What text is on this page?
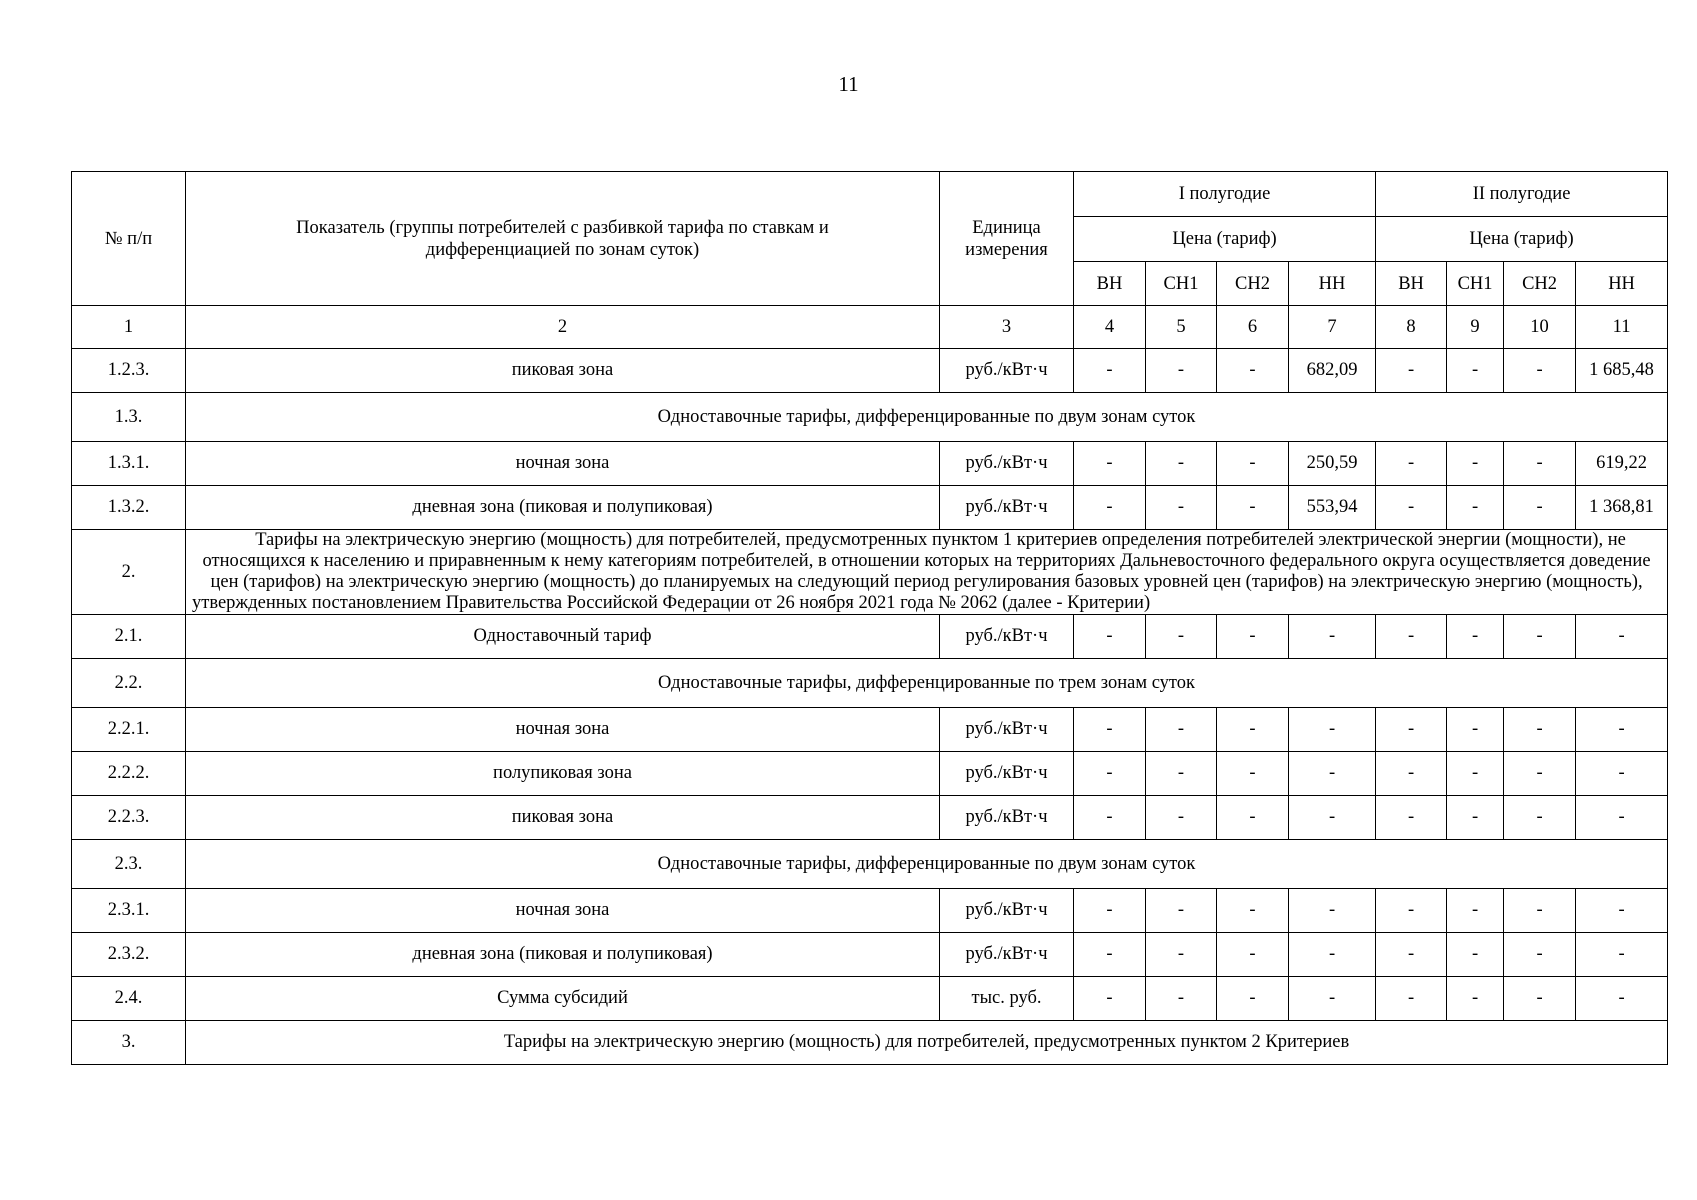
11
№ п/п	Показатель (группы потребителей с разбивкой тарифа по ставкам и дифференциацией по зонам суток)	Единица измерения	I полугодие				II полугодие			
			Цена (тариф)				Цена (тариф)			
			ВН	СН1	СН2	НН	ВН	СН1	СН2	НН
1	2	3	4	5	6	7	8	9	10	11
1.2.3.	пиковая зона	руб./кВт·ч	-	-	-	682,09	-	-	-	1 685,48
1.3.	Одноставочные тарифы, дифференцированные по двум зонам суток									
1.3.1.	ночная зона	руб./кВт·ч	-	-	-	250,59	-	-	-	619,22
1.3.2.	дневная зона (пиковая и полупиковая)	руб./кВт·ч	-	-	-	553,94	-	-	-	1 368,81
2.	Тарифы на электрическую энергию (мощность) для потребителей, предусмотренных пунктом 1 критериев определения потребителей электрической энергии (мощности), не относящихся к населению и приравненным к нему категориям потребителей, в отношении которых на территориях Дальневосточного федерального округа осуществляется доведение цен (тарифов) на электрическую энергию (мощность) до планируемых на следующий период регулирования базовых уровней цен (тарифов) на электрическую энергию (мощность), утвержденных постановлением Правительства Российской Федерации от 26 ноября 2021 года № 2062 (далее - Критерии)									
2.1.	Одноставочный тариф	руб./кВт·ч	-	-	-	-	-	-	-	-
2.2.	Одноставочные тарифы, дифференцированные по трем зонам суток									
2.2.1.	ночная зона	руб./кВт·ч	-	-	-	-	-	-	-	-
2.2.2.	полупиковая зона	руб./кВт·ч	-	-	-	-	-	-	-	-
2.2.3.	пиковая зона	руб./кВт·ч	-	-	-	-	-	-	-	-
2.3.	Одноставочные тарифы, дифференцированные по двум зонам суток									
2.3.1.	ночная зона	руб./кВт·ч	-	-	-	-	-	-	-	-
2.3.2.	дневная зона (пиковая и полупиковая)	руб./кВт·ч	-	-	-	-	-	-	-	-
2.4.	Сумма субсидий	тыс. руб.	-	-	-	-	-	-	-	-
3.	Тарифы на электрическую энергию (мощность) для потребителей, предусмотренных пунктом 2 Критериев									
